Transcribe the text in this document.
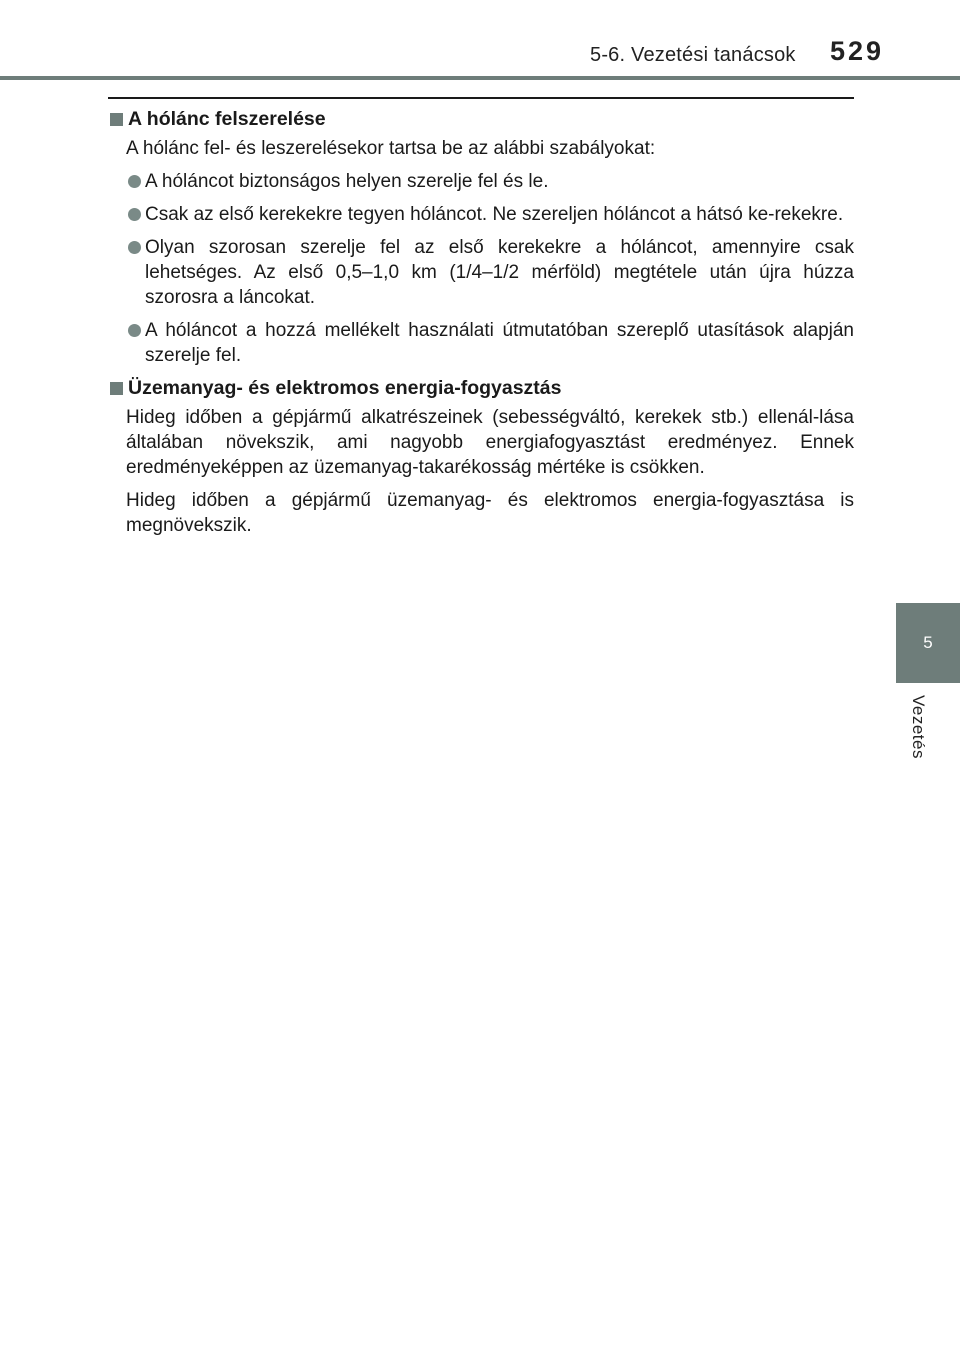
5-6. Vezetési tanácsok 529
5
Vezetés
A hólánc felszerelése
A hólánc fel- és leszerelésekor tartsa be az alábbi szabályokat:
A hóláncot biztonságos helyen szerelje fel és le.
Csak az első kerekekre tegyen hóláncot. Ne szereljen hóláncot a hátsó ke-rekekre.
Olyan szorosan szerelje fel az első kerekekre a hóláncot, amennyire csak lehetséges. Az első 0,5–1,0 km (1/4–1/2 mérföld) megtétele után újra húzza szorosra a láncokat.
A hóláncot a hozzá mellékelt használati útmutatóban szereplő utasítások alapján szerelje fel.
Üzemanyag- és elektromos energia-fogyasztás
Hideg időben a gépjármű alkatrészeinek (sebességváltó, kerekek stb.) ellenál-lása általában növekszik, ami nagyobb energiafogyasztást eredményez. Ennek eredményeképpen az üzemanyag-takarékosság mértéke is csökken.
Hideg időben a gépjármű üzemanyag- és elektromos energia-fogyasztása is megnövekszik.
